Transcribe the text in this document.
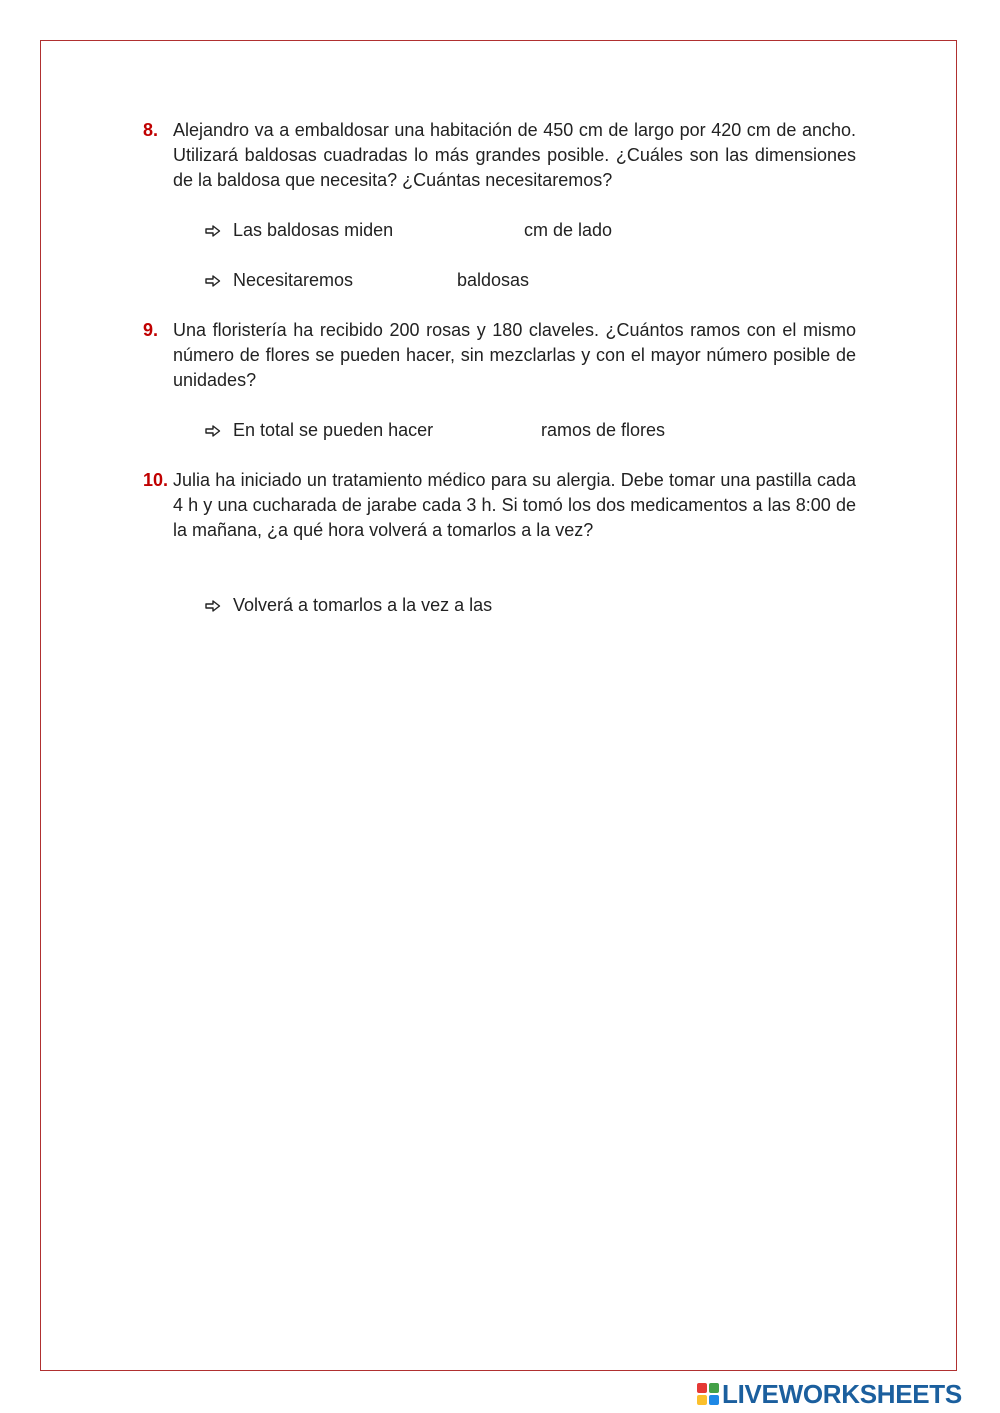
8. Alejandro va a embaldosar una habitación de 450 cm de largo por 420 cm de ancho. Utilizará baldosas cuadradas lo más grandes posible. ¿Cuáles son las dimensiones de la baldosa que necesita? ¿Cuántas necesitaremos?
Las baldosas miden	cm de lado
Necesitaremos	baldosas
9. Una floristería ha recibido 200 rosas y 180 claveles. ¿Cuántos ramos con el mismo número de flores se pueden hacer, sin mezclarlas y con el mayor número posible de unidades?
En total se pueden hacer	ramos de flores
10. Julia ha iniciado un tratamiento médico para su alergia. Debe tomar una pastilla cada 4 h y una cucharada de jarabe cada 3 h. Si tomó los dos medicamentos a las 8:00 de la mañana, ¿a qué hora volverá a tomarlos a la vez?
Volverá a tomarlos a la vez a las
LIVEWORKSHEETS
